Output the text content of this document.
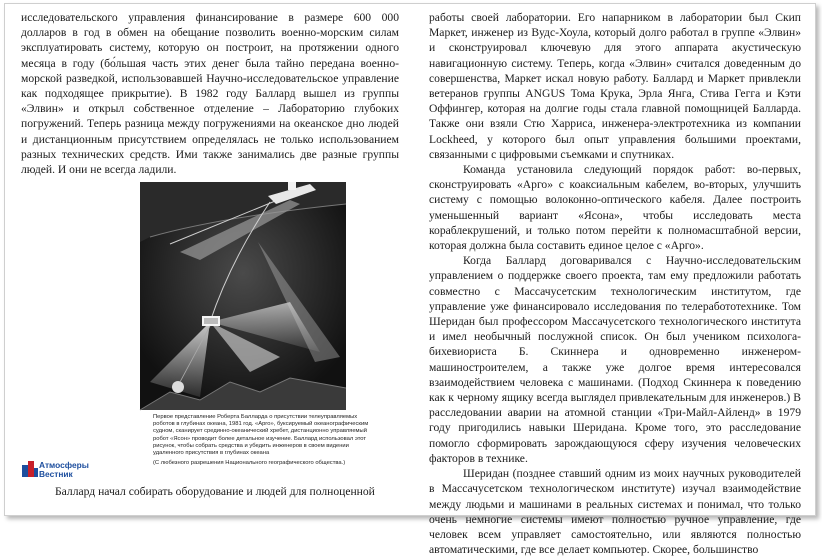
исследовательского управления финансирование в размере 600 000 долларов в год в обмен на обещание позволить военно-морским силам эксплуатировать систему, которую он построит, на протяжении одного месяца в году (бо́льшая часть этих денег была тайно передана военно-морской разведкой, использовавшей Научно-исследовательское управление как подходящее прикрытие). В 1982 году Баллард вышел из группы «Элвин» и открыл собственное отделение – Лабораторию глубоких погружений. Теперь разница между погружениями на океанское дно людей и дистанционным присутствием определялась не только использованием разных технических средств. Ими также занимались две разные группы людей. И они не всегда ладили.

Первое представление Роберта Балларда о присутствии телеуправляемых роботов в глубинах океана, 1981 год. «Арго», буксируемый океанографическим судном, сканирует срединно-океанический хребет, дистанционно управляемый робот «Ясон» проводит более детальное изучение. Баллард использовал этот рисунок, чтобы собрать средства и убедить инженеров в своем видении удаленного присутствия в глубинах океана
(С любезного разрешения Национального географического общества.)
Атмосферы
Вестник
Баллард начал собирать оборудование и людей для полноценной

работы своей лаборатории. Его напарником в лаборатории был Скип Маркет, инженер из Вудс-Хоула, который долго работал в группе «Элвин» и сконструировал ключевую для этого аппарата акустическую навигационную систему. Теперь, когда «Элвин» считался доведенным до совершенства, Маркет искал новую работу. Баллард и Маркет привлекли ветеранов группы ANGUS Тома Крука, Эрла Янга, Стива Гегга и Кэти Оффингер, которая на долгие годы стала главной помощницей Балларда. Также они взяли Стю Харриса, инженера-электротехника из компании Lockheed, у которого был опыт управления большими проектами, связанными с цифровыми съемками и спутниках.

Команда установила следующий порядок работ: во-первых, сконструировать «Арго» с коаксиальным кабелем, во-вторых, улучшить систему с помощью волоконно-оптического кабеля. Далее построить уменьшенный вариант «Ясона», чтобы исследовать места кораблекрушений, и только потом перейти к полномасштабной версии, которая должна была составить единое целое с «Арго».

Когда Баллард договаривался с Научно-исследовательским управлением о поддержке своего проекта, там ему предложили работать совместно с Массачусетским технологическим институтом, где управление уже финансировало исследования по телеработотехнике. Том Шеридан был профессором Массачусетского технологического института и имел необычный послужной список. Он был учеником психолога-бихевиориста Б. Скиннера и одновременно инженером-машиностроителем, а также уже долгое время интересовался взаимодействием человека с машинами. (Подход Скиннера к поведению как к черному ящику всегда выглядел привлекательным для инженеров.) В расследовании аварии на атомной станции «Три-Майл-Айленд» в 1979 году пригодились навыки Шеридана. Кроме того, это расследование помогло сформировать зарождающуюся сферу изучения человеческих факторов в технике.

Шеридан (позднее ставший одним из моих научных руководителей в Массачусетском технологическом институте) изучал взаимодействие между людьми и машинами в реальных системах и понимал, что только очень немногие системы имеют полностью ручное управление, где человек всем управляет самостоятельно, или являются полностью автоматическими, где все делает компьютер. Скорее, большинство
